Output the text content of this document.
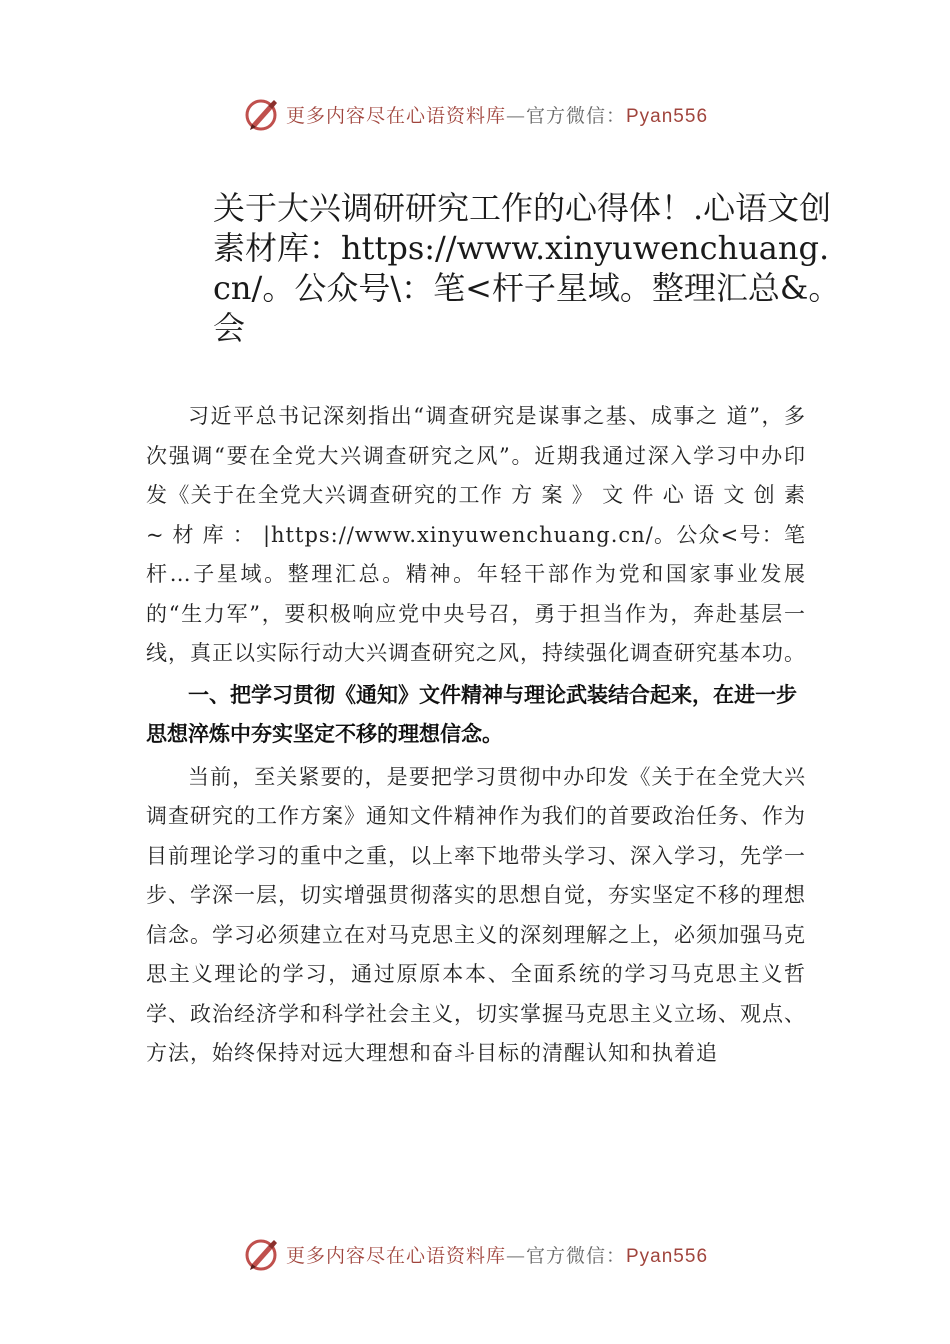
更多内容尽在心语资料库—官方微信：Pyan556
关于大兴调研研究工作的心得体！.心语文创素材库：https://www.xinyuwenchuang.cn/。公众号\：笔<杆子星域。整理汇总&。会

习近平总书记深刻指出“调查研究是谋事之基、成事之 道”，多次强调“要在全党大兴调查研究之风”。近期我通过深入学习中办印发《关于在全党大兴调查研究的工作 方 案 》 文 件 心 语 文 创 素 ~ 材 库 ： |https://www.xinyuwenchuang.cn/。公众<号：笔杆…子星域。整理汇总。精神。年轻干部作为党和国家事业发展的“生力军”，要积极响应党中央号召，勇于担当作为，奔赴基层一线，真正以实际行动大兴调查研究之风，持续强化调查研究基本功。

一、把学习贯彻《通知》文件精神与理论武装结合起来，在进一步思想淬炼中夯实坚定不移的理想信念。

当前，至关紧要的，是要把学习贯彻中办印发《关于在全党大兴调查研究的工作方案》通知文件精神作为我们的首要政治任务、作为目前理论学习的重中之重，以上率下地带头学习、深入学习，先学一步、学深一层，切实增强贯彻落实的思想自觉，夯实坚定不移的理想信念。学习必须建立在对马克思主义的深刻理解之上，必须加强马克思主义理论的学习，通过原原本本、全面系统的学习马克思主义哲学、政治经济学和科学社会主义，切实掌握马克思主义立场、观点、方法，始终保持对远大理想和奋斗目标的清醒认知和执着追

更多内容尽在心语资料库—官方微信：Pyan556
